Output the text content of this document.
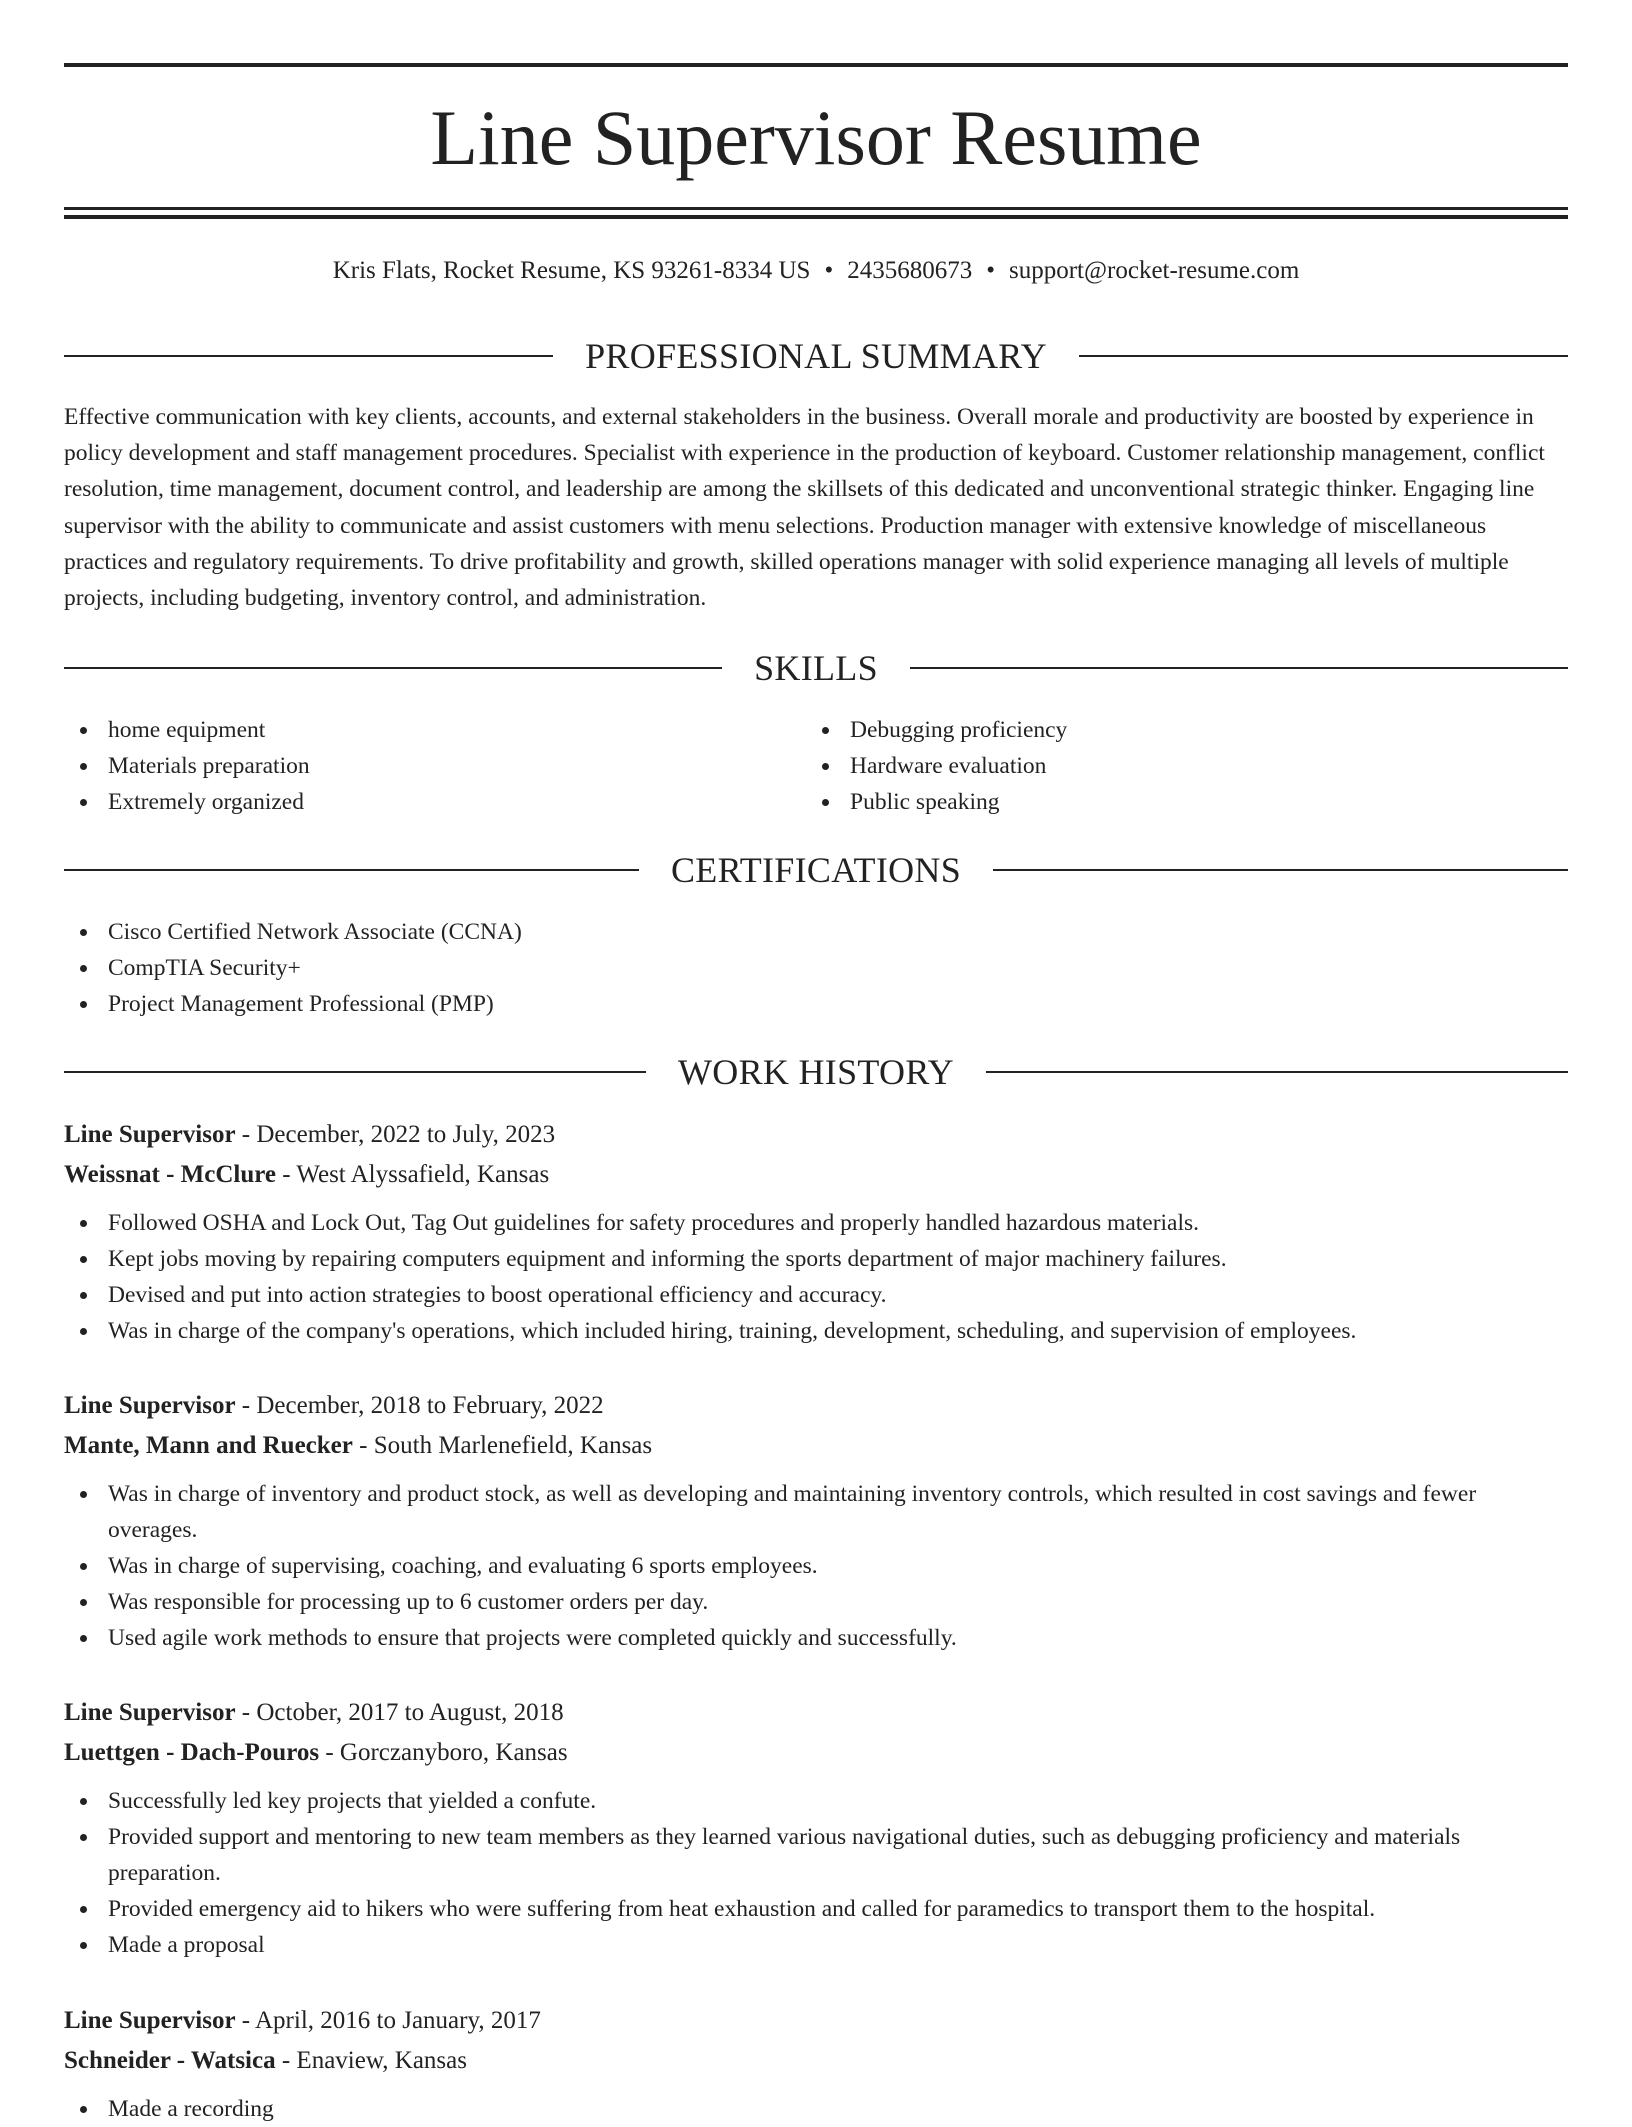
Line Supervisor Resume
Kris Flats, Rocket Resume, KS 93261-8334 US • 2435680673 • support@rocket-resume.com
PROFESSIONAL SUMMARY

Effective communication with key clients, accounts, and external stakeholders in the business. Overall morale and productivity are boosted by experience in policy development and staff management procedures. Specialist with experience in the production of keyboard. Customer relationship management, conflict resolution, time management, document control, and leadership are among the skillsets of this dedicated and unconventional strategic thinker. Engaging line supervisor with the ability to communicate and assist customers with menu selections. Production manager with extensive knowledge of miscellaneous practices and regulatory requirements. To drive profitability and growth, skilled operations manager with solid experience managing all levels of multiple projects, including budgeting, inventory control, and administration.

SKILLS
home equipment
Materials preparation
Extremely organized
Debugging proficiency
Hardware evaluation
Public speaking
CERTIFICATIONS
Cisco Certified Network Associate (CCNA)
CompTIA Security+
Project Management Professional (PMP)
WORK HISTORY

Line Supervisor - December, 2022 to July, 2023

Weissnat - McClure - West Alyssafield, Kansas

Followed OSHA and Lock Out, Tag Out guidelines for safety procedures and properly handled hazardous materials.
Kept jobs moving by repairing computers equipment and informing the sports department of major machinery failures.
Devised and put into action strategies to boost operational efficiency and accuracy.
Was in charge of the company's operations, which included hiring, training, development, scheduling, and supervision of employees.

Line Supervisor - December, 2018 to February, 2022

Mante, Mann and Ruecker - South Marlenefield, Kansas

Was in charge of inventory and product stock, as well as developing and maintaining inventory controls, which resulted in cost savings and fewer overages.
Was in charge of supervising, coaching, and evaluating 6 sports employees.
Was responsible for processing up to 6 customer orders per day.
Used agile work methods to ensure that projects were completed quickly and successfully.

Line Supervisor - October, 2017 to August, 2018

Luettgen - Dach-Pouros - Gorczanyboro, Kansas

Successfully led key projects that yielded a confute.
Provided support and mentoring to new team members as they learned various navigational duties, such as debugging proficiency and materials preparation.
Provided emergency aid to hikers who were suffering from heat exhaustion and called for paramedics to transport them to the hospital.
Made a proposal

Line Supervisor - April, 2016 to January, 2017

Schneider - Watsica - Enaview, Kansas

Made a recording
